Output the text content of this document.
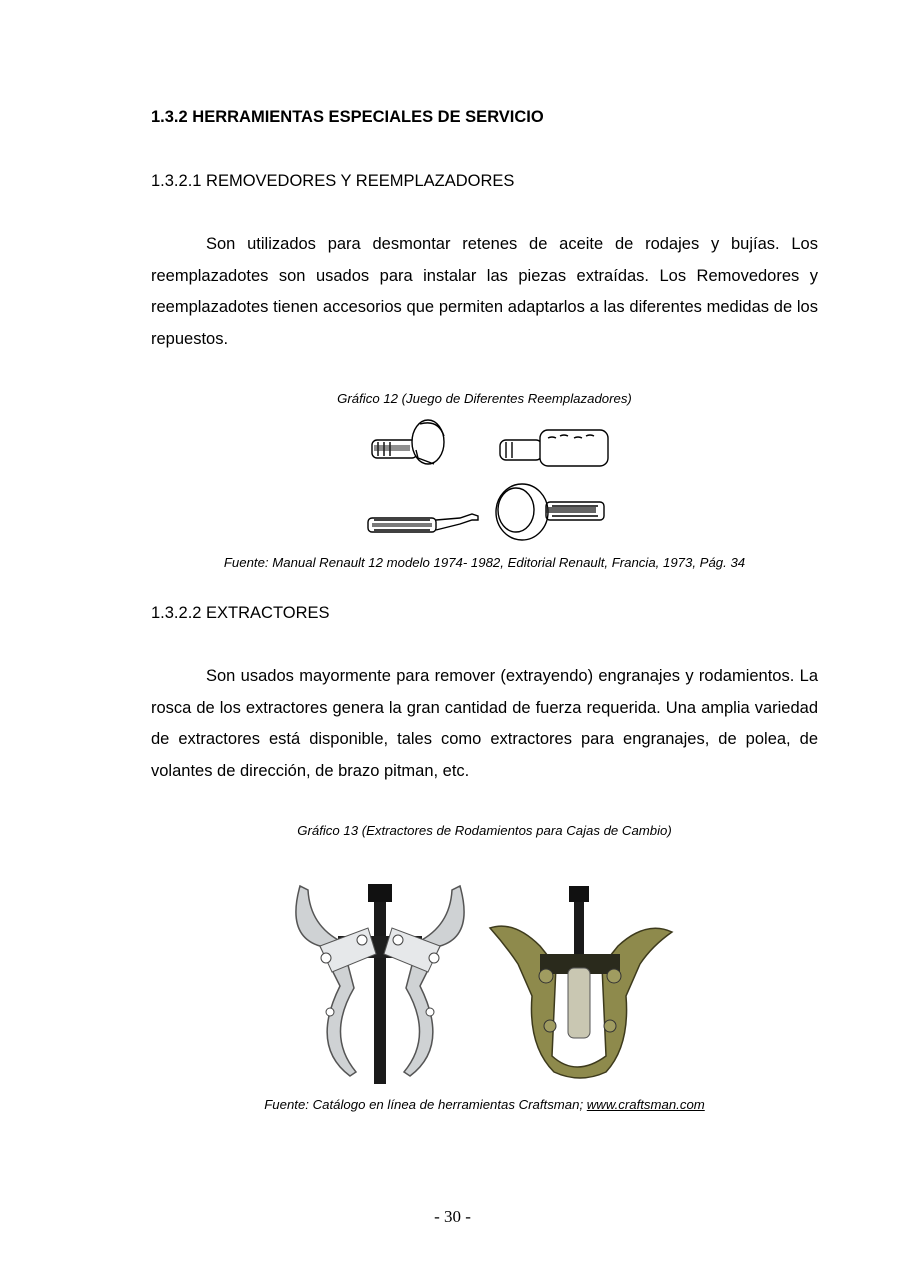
1.3.2 HERRAMIENTAS ESPECIALES DE SERVICIO
1.3.2.1 REMOVEDORES Y REEMPLAZADORES

Son utilizados para desmontar retenes de aceite de rodajes y bujías. Los reemplazadotes son usados para instalar las piezas extraídas. Los Removedores y reemplazadotes tienen accesorios que permiten adaptarlos a las diferentes medidas de los repuestos.

Gráfico 12 (Juego de Diferentes Reemplazadores)
Fuente: Manual Renault 12 modelo 1974- 1982, Editorial Renault, Francia, 1973, Pág. 34
1.3.2.2 EXTRACTORES

Son usados mayormente para remover (extrayendo) engranajes y rodamientos. La rosca de los extractores genera la gran cantidad de fuerza requerida. Una amplia variedad de extractores está disponible, tales como extractores para engranajes, de polea, de volantes de dirección, de brazo pitman, etc.

Gráfico 13 (Extractores de Rodamientos para Cajas de Cambio)
Fuente: Catálogo en línea de herramientas Craftsman; www.craftsman.com
- 30 -
